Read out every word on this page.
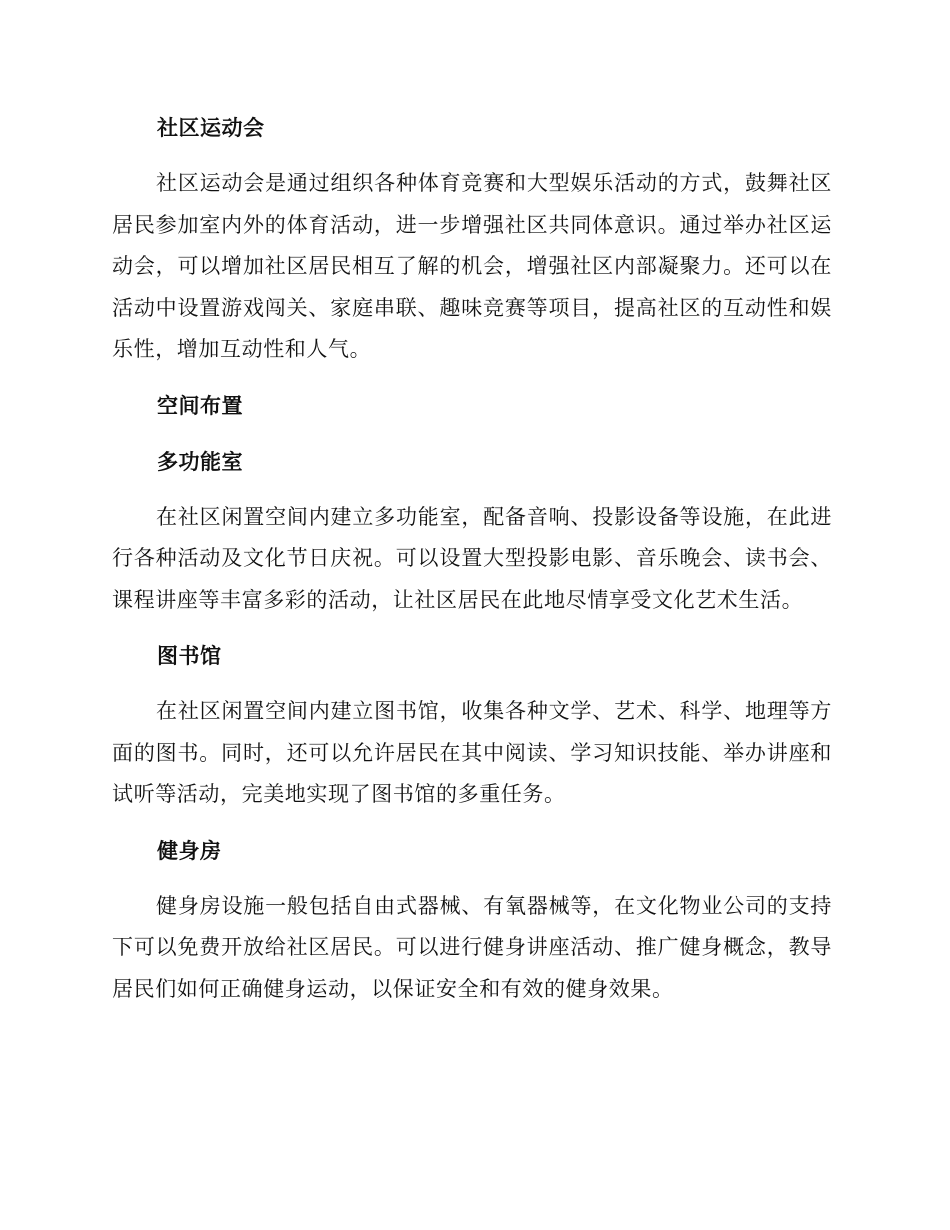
社区运动会

社区运动会是通过组织各种体育竞赛和大型娱乐活动的方式，鼓舞社区居民参加室内外的体育活动，进一步增强社区共同体意识。通过举办社区运动会，可以增加社区居民相互了解的机会，增强社区内部凝聚力。还可以在活动中设置游戏闯关、家庭串联、趣味竞赛等项目，提高社区的互动性和娱乐性，增加互动性和人气。

空间布置
多功能室

在社区闲置空间内建立多功能室，配备音响、投影设备等设施，在此进行各种活动及文化节日庆祝。可以设置大型投影电影、音乐晚会、读书会、课程讲座等丰富多彩的活动，让社区居民在此地尽情享受文化艺术生活。

图书馆

在社区闲置空间内建立图书馆，收集各种文学、艺术、科学、地理等方面的图书。同时，还可以允许居民在其中阅读、学习知识技能、举办讲座和试听等活动，完美地实现了图书馆的多重任务。

健身房

健身房设施一般包括自由式器械、有氧器械等，在文化物业公司的支持下可以免费开放给社区居民。可以进行健身讲座活动、推广健身概念，教导居民们如何正确健身运动，以保证安全和有效的健身效果。
